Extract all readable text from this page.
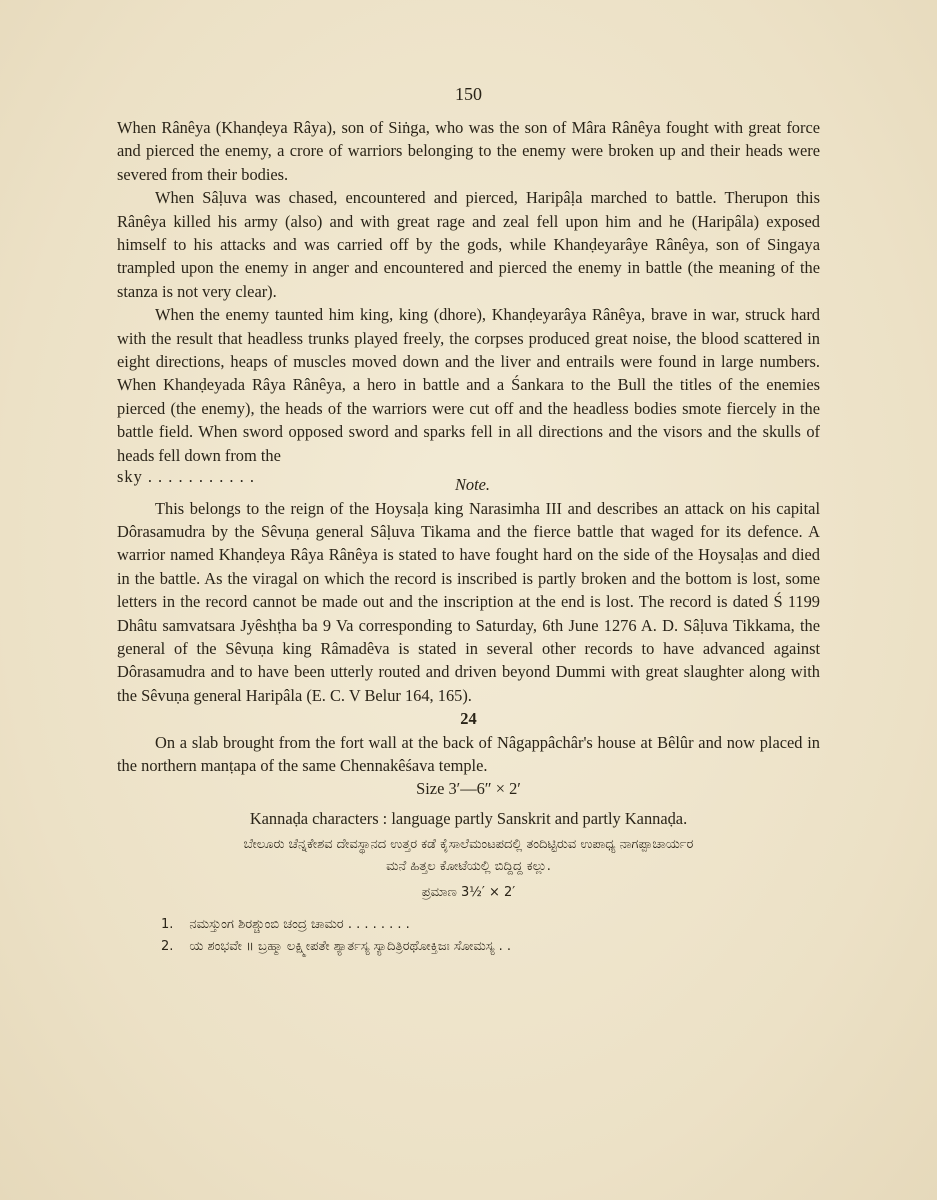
150

When Rânêya (Khanḍeya Râya), son of Siṅga, who was the son of Mâra Rânêya fought with great force and pierced the enemy, a crore of warriors belonging to the enemy were broken up and their heads were severed from their bodies.

When Sâḷuva was chased, encountered and pierced, Haripâḷa marched to battle. Therupon this Rânêya killed his army (also) and with great rage and zeal fell upon him and he (Haripâla) exposed himself to his attacks and was carried off by the gods, while Khanḍeyarâye Rânêya, son of Singaya trampled upon the enemy in anger and encountered and pierced the enemy in battle (the meaning of the stanza is not very clear).

When the enemy taunted him king, king (dhore), Khanḍeyarâya Rânêya, brave in war, struck hard with the result that headless trunks played freely, the corpses produced great noise, the blood scattered in eight directions, heaps of muscles moved down and the liver and entrails were found in large numbers. When Khanḍeyada Râya Rânêya, a hero in battle and a Śankara to the Bull the titles of the enemies pierced (the enemy), the heads of the warriors were cut off and the headless bodies smote fiercely in the battle field. When sword opposed sword and sparks fell in all directions and the visors and the skulls of heads fell down from the

sky . . . . . . . . . . .	Note.

This belongs to the reign of the Hoysaḷa king Narasimha III and describes an attack on his capital Dôrasamudra by the Sêvuṇa general Sâḷuva Tikama and the fierce battle that waged for its defence. A warrior named Khanḍeya Râya Rânêya is stated to have fought hard on the side of the Hoysaḷas and died in the battle. As the viragal on which the record is inscribed is partly broken and the bottom is lost, some letters in the record cannot be made out and the inscription at the end is lost. The record is dated Ś 1199 Dhâtu samvatsara Jyêshṭha ba 9 Va corresponding to Saturday, 6th June 1276 A. D. Sâḷuva Tikkama, the general of the Sêvuṇa king Râmadêva is stated in several other records to have advanced against Dôrasamudra and to have been utterly routed and driven beyond Dummi with great slaughter along with the Sêvuṇa general Haripâla (E. C. V Belur 164, 165).

24

On a slab brought from the fort wall at the back of Nâgappâchâr's house at Bêlûr and now placed in the northern manṭapa of the same Chennakêśava temple.

Size 3′—6″ × 2′

Kannaḍa characters : language partly Sanskrit and partly Kannaḍa.

ಬೇಲೂರು ಚೆನ್ನಕೇಶವ ದೇವಸ್ಥಾನದ ಉತ್ತರ ಕಡೆ ಕೈಸಾಲೆಮಂಟಪದಲ್ಲಿ ತಂದಿಟ್ಟಿರುವ ಉಪಾಧ್ಯ ನಾಗಪ್ಪಾಚಾರ್ಯರ
ಮನೆ ಹಿತ್ತಲ ಕೋಟೆಯಲ್ಲಿ ಬಿದ್ದಿದ್ದ ಕಲ್ಲು.
ಪ್ರಮಾಣ 3½′ × 2′
1. ನಮಸ್ತುಂಗ ಶಿರಶ್ಚುಂಬಿ ಚಂದ್ರ ಚಾಮರ . . . . . . . .
2. ಯ ಶಂಭವೇ ॥ ಬ್ರಹ್ಮಾ ಲಕ್ಷ್ಮೀಪತೇ ಶ್ಯಾರ್ತಸ್ಯ ಸ್ಯಾದಿತ್ರಿರಥೋಕ್ತಿಜಃ ಸೋಮಸ್ಯ . .
